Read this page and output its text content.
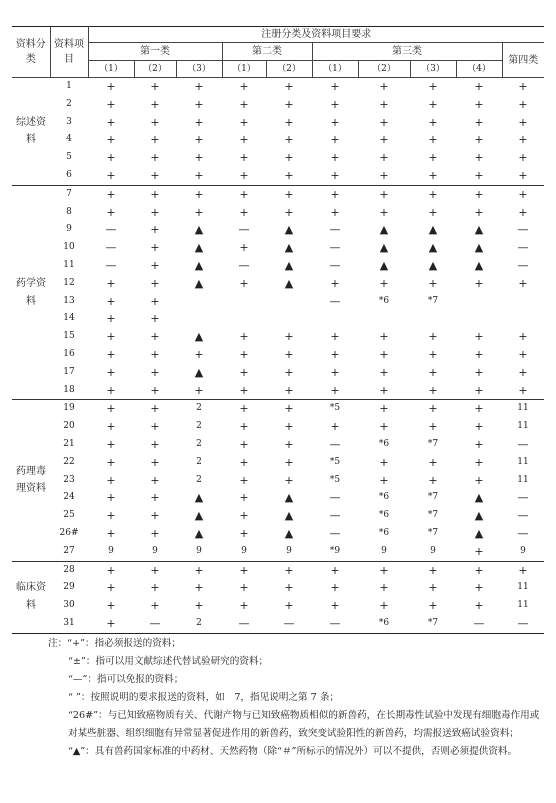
资料分类	资料项目	注册分类及资料项目要求									
		第一类			第二类		第三类				第四类
		（1）	（2）	（3）	（1）	（2）	（1）	（2）	（3）	（4）	
综述资料	1	+	+	+	+	+	+	+	+	+	+
	2	+	+	+	+	+	+	+	+	+	+
	3	+	+	+	+	+	+	+	+	+	+
	4	+	+	+	+	+	+	+	+	+	+
	5	+	+	+	+	+	+	+	+	+	+
	6	+	+	+	+	+	+	+	+	+	+
药学资料	7	+	+	+	+	+	+	+	+	+	+
	8	+	+	+	+	+	+	+	+	+	+
	9	—	+	▲	—	▲	—	▲	▲	▲	—
	10	—	+	▲	+	▲	—	▲	▲	▲	—
	11	—	+	▲	—	▲	—	▲	▲	▲	—
	12	+	+	▲	+	▲	+	+	+	+	+
	13	+	+				—	*6	*7		
	14	+	+								
	15	+	+	▲	+	+	+	+	+	+	+
	16	+	+	+	+	+	+	+	+	+	+
	17	+	+	▲	+	+	+	+	+	+	+
	18	+	+	+	+	+	+	+	+	+	+
药理毒理资料	19	+	+	2	+	+	*5	+	+	+	11
	20	+	+	2	+	+	+	+	+	+	11
	21	+	+	2	+	+	—	*6	*7	+	—
	22	+	+	2	+	+	*5	+	+	+	11
	23	+	+	2	+	+	*5	+	+	+	11
	24	+	+	▲	+	▲	—	*6	*7	▲	—
	25	+	+	▲	+	▲	—	*6	*7	▲	—
	26#	+	+	▲	+	▲	—	*6	*7	▲	—
	27	9	9	9	9	9	*9	9	9	+	9
临床资料	28	+	+	+	+	+	+	+	+	+	+
	29	+	+	+	+	+	+	+	+	+	11
	30	+	+	+	+	+	+	+	+	+	11
	31	+	—	2	—	—	—	*6	*7	—	—
注：“+”：指必须报送的资料；
“±”：指可以用文献综述代替试验研究的资料；
“—”：指可以免报的资料；
“ ”：按照说明的要求报送的资料，如　7，指见说明之第 7 条；
“26#”：与已知致癌物质有关、代谢产物与已知致癌物质相似的新兽药，在长期毒性试验中发现有细胞毒作用或对某些脏器、组织细胞有异常显著促进作用的新兽药，致突变试验阳性的新兽药，均需报送致癌试验资料；
“▲”：具有兽药国家标准的中药材、天然药物（除“＃”所标示的情况外）可以不提供，否则必须提供资料。
